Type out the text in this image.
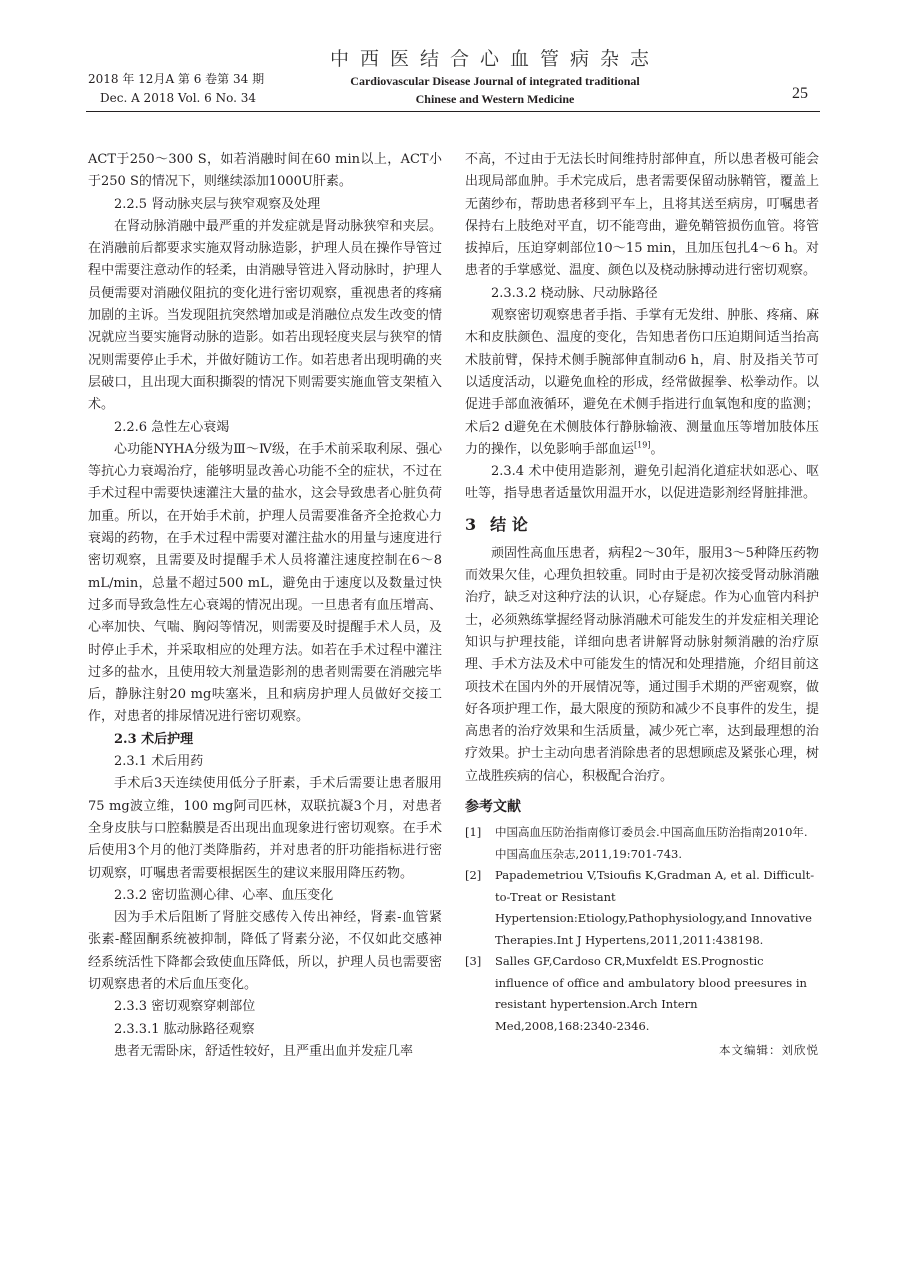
2018 年 12月A 第 6 卷第 34 期
Dec. A 2018 Vol. 6 No. 34
中西医结合心血管病杂志
Cardiovascular Disease Journal of integrated traditional
Chinese and Western Medicine	25

ACT于250～300 S，如若消融时间在60 min以上，ACT小于250 S的情况下，则继续添加1000U肝素。

2.2.5 肾动脉夹层与狭窄观察及处理

在肾动脉消融中最严重的并发症就是肾动脉狭窄和夹层。在消融前后都要求实施双肾动脉造影，护理人员在操作导管过程中需要注意动作的轻柔，由消融导管进入肾动脉时，护理人员便需要对消融仪阻抗的变化进行密切观察，重视患者的疼痛加剧的主诉。当发现阻抗突然增加或是消融位点发生改变的情况就应当要实施肾动脉的造影。如若出现轻度夹层与狭窄的情况则需要停止手术，并做好随访工作。如若患者出现明确的夹层破口，且出现大面积撕裂的情况下则需要实施血管支架植入术。

2.2.6 急性左心衰竭

心功能NYHA分级为Ⅲ～Ⅳ级，在手术前采取利尿、强心等抗心力衰竭治疗，能够明显改善心功能不全的症状，不过在手术过程中需要快速灌注大量的盐水，这会导致患者心脏负荷加重。所以，在开始手术前，护理人员需要准备齐全抢救心力衰竭的药物，在手术过程中需要对灌注盐水的用量与速度进行密切观察，且需要及时提醒手术人员将灌注速度控制在6～8 mL/min，总量不超过500 mL，避免由于速度以及数量过快过多而导致急性左心衰竭的情况出现。一旦患者有血压增高、心率加快、气喘、胸闷等情况，则需要及时提醒手术人员，及时停止手术，并采取相应的处理方法。如若在手术过程中灌注过多的盐水，且使用较大剂量造影剂的患者则需要在消融完毕后，静脉注射20 mg呋塞米，且和病房护理人员做好交接工作，对患者的排尿情况进行密切观察。

2.3 术后护理

2.3.1 术后用药

手术后3天连续使用低分子肝素，手术后需要让患者服用75 mg波立维，100 mg阿司匹林，双联抗凝3个月，对患者全身皮肤与口腔黏膜是否出现出血现象进行密切观察。在手术后使用3个月的他汀类降脂药，并对患者的肝功能指标进行密切观察，叮嘱患者需要根据医生的建议来服用降压药物。

2.3.2 密切监测心律、心率、血压变化

因为手术后阻断了肾脏交感传入传出神经，肾素-血管紧张素-醛固酮系统被抑制，降低了肾素分泌，不仅如此交感神经系统活性下降都会致使血压降低，所以，护理人员也需要密切观察患者的术后血压变化。

2.3.3 密切观察穿刺部位

2.3.3.1 肱动脉路径观察

患者无需卧床，舒适性较好，且严重出血并发症几率

不高，不过由于无法长时间维持肘部伸直，所以患者极可能会出现局部血肿。手术完成后，患者需要保留动脉鞘管，覆盖上无菌纱布，帮助患者移到平车上，且将其送至病房，叮嘱患者保持右上肢绝对平直，切不能弯曲，避免鞘管损伤血管。将管拔掉后，压迫穿刺部位10～15 min，且加压包扎4～6 h。对患者的手掌感觉、温度、颜色以及桡动脉搏动进行密切观察。

2.3.3.2 桡动脉、尺动脉路径

观察密切观察患者手指、手掌有无发绀、肿胀、疼痛、麻木和皮肤颜色、温度的变化，告知患者伤口压迫期间适当抬高术肢前臂，保持术侧手腕部伸直制动6 h，肩、肘及指关节可以适度活动，以避免血栓的形成，经常做握拳、松拳动作。以促进手部血液循环，避免在术侧手指进行血氧饱和度的监测；术后2 d避免在术侧肢体行静脉输液、测量血压等增加肢体压力的操作，以免影响手部血运[19]。

2.3.4 术中使用造影剂，避免引起消化道症状如恶心、呕吐等，指导患者适量饮用温开水，以促进造影剂经肾脏排泄。

3 结 论

顽固性高血压患者，病程2～30年，服用3～5种降压药物而效果欠佳，心理负担较重。同时由于是初次接受肾动脉消融治疗，缺乏对这种疗法的认识，心存疑虑。作为心血管内科护士，必须熟练掌握经肾动脉消融术可能发生的并发症相关理论知识与护理技能，详细向患者讲解肾动脉射频消融的治疗原理、手术方法及术中可能发生的情况和处理措施，介绍目前这项技术在国内外的开展情况等，通过围手术期的严密观察，做好各项护理工作，最大限度的预防和减少不良事件的发生，提高患者的治疗效果和生活质量，减少死亡率，达到最理想的治疗效果。护士主动向患者消除患者的思想顾虑及紧张心理，树立战胜疾病的信心，积极配合治疗。

参考文献

[1]	中国高血压防治指南修订委员会.中国高血压防治指南2010年.中国高血压杂志,2011,19:701-743.
[2]	Papademetriou V,Tsioufis K,Gradman A, et al. Difficult-to-Treat or Resistant Hypertension:Etiology,Pathophysiology,and Innovative Therapies.Int J Hypertens,2011,2011:438198.
[3]	Salles GF,Cardoso CR,Muxfeldt ES.Prognostic influence of office and ambulatory blood preesures in resistant hypertension.Arch Intern Med,2008,168:2340-2346.

本文编辑：刘欣悦
